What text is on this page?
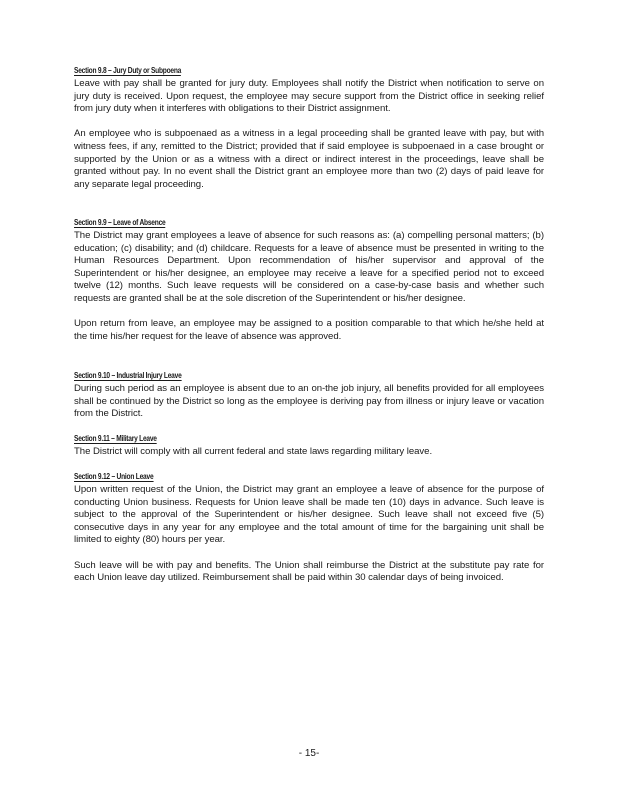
Section 9.8 – Jury Duty or Subpoena

Leave with pay shall be granted for jury duty. Employees shall notify the District when notification to serve on jury duty is received. Upon request, the employee may secure support from the District office in seeking relief from jury duty when it interferes with obligations to their District assignment.

An employee who is subpoenaed as a witness in a legal proceeding shall be granted leave with pay, but with witness fees, if any, remitted to the District; provided that if said employee is subpoenaed in a case brought or supported by the Union or as a witness with a direct or indirect interest in the proceedings, leave shall be granted without pay. In no event shall the District grant an employee more than two (2) days of paid leave for any separate legal proceeding.

Section 9.9 – Leave of Absence

The District may grant employees a leave of absence for such reasons as: (a) compelling personal matters; (b) education; (c) disability; and (d) childcare. Requests for a leave of absence must be presented in writing to the Human Resources Department. Upon recommendation of his/her supervisor and approval of the Superintendent or his/her designee, an employee may receive a leave for a specified period not to exceed twelve (12) months. Such leave requests will be considered on a case-by-case basis and whether such requests are granted shall be at the sole discretion of the Superintendent or his/her designee.

Upon return from leave, an employee may be assigned to a position comparable to that which he/she held at the time his/her request for the leave of absence was approved.

Section 9.10 – Industrial Injury Leave

During such period as an employee is absent due to an on-the job injury, all benefits provided for all employees shall be continued by the District so long as the employee is deriving pay from illness or injury leave or vacation from the District.

Section 9.11 – Military Leave

The District will comply with all current federal and state laws regarding military leave.

Section 9.12 – Union Leave

Upon written request of the Union, the District may grant an employee a leave of absence for the purpose of conducting Union business. Requests for Union leave shall be made ten (10) days in advance. Such leave is subject to the approval of the Superintendent or his/her designee. Such leave shall not exceed five (5) consecutive days in any year for any employee and the total amount of time for the bargaining unit shall be limited to eighty (80) hours per year.

Such leave will be with pay and benefits. The Union shall reimburse the District at the substitute pay rate for each Union leave day utilized. Reimbursement shall be paid within 30 calendar days of being invoiced.

- 15-
